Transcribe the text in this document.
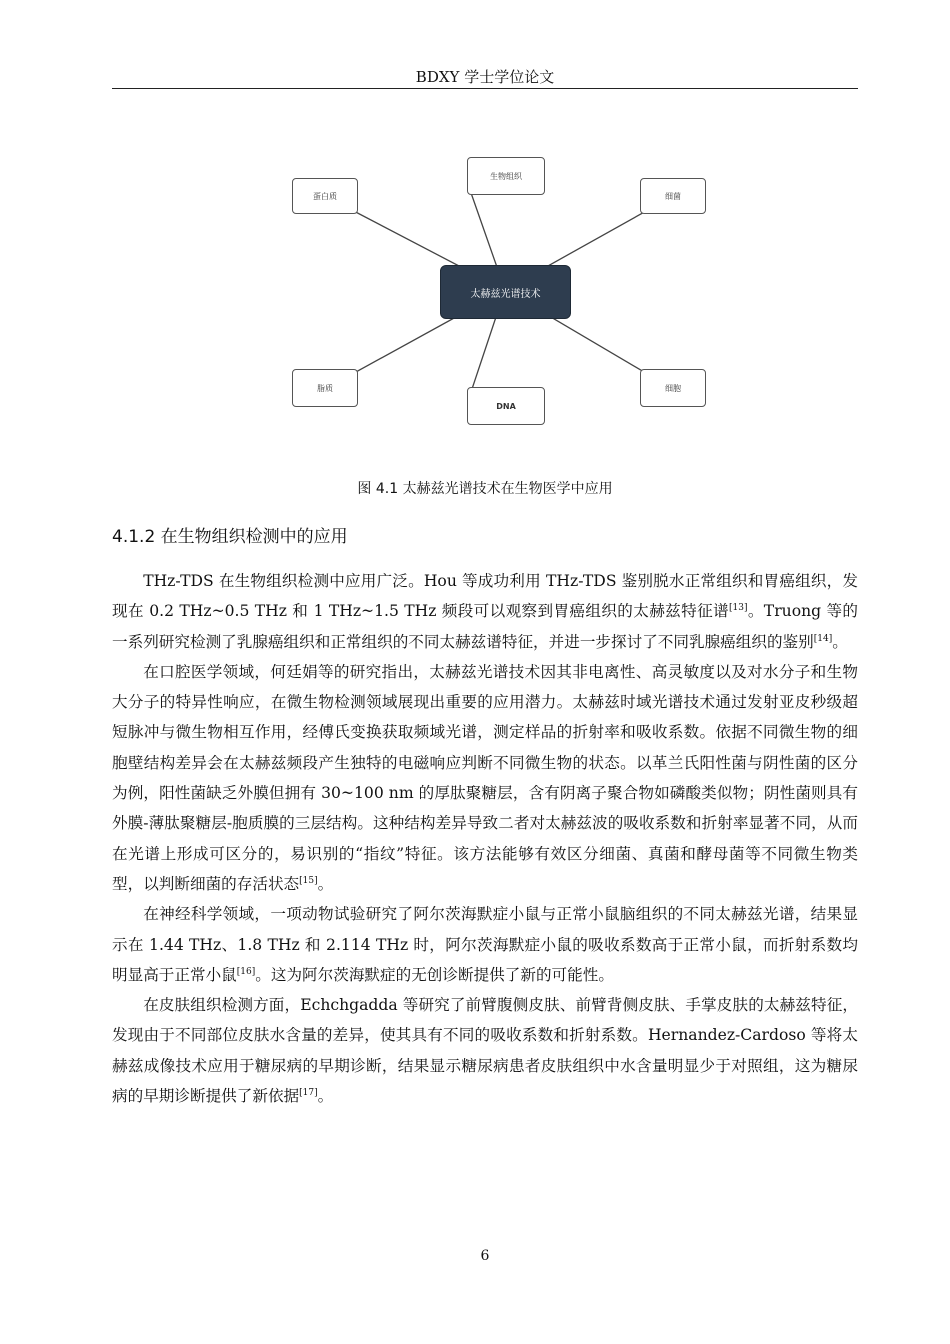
BDXY 学士学位论文
蛋白质
生物组织
细菌
太赫兹光谱技术
脂质
DNA
细胞
图 4.1 太赫兹光谱技术在生物医学中应用
4.1.2 在生物组织检测中的应用

THz-TDS 在生物组织检测中应用广泛。Hou 等成功利用 THz-TDS 鉴别脱水正常组织和胃癌组织，发现在 0.2 THz~0.5 THz 和 1 THz~1.5 THz 频段可以观察到胃癌组织的太赫兹特征谱[13]。Truong 等的一系列研究检测了乳腺癌组织和正常组织的不同太赫兹谱特征，并进一步探讨了不同乳腺癌组织的鉴别[14]。

在口腔医学领域，何廷娟等的研究指出，太赫兹光谱技术因其非电离性、高灵敏度以及对水分子和生物大分子的特异性响应，在微生物检测领域展现出重要的应用潜力。太赫兹时域光谱技术通过发射亚皮秒级超短脉冲与微生物相互作用，经傅氏变换获取频域光谱，测定样品的折射率和吸收系数。依据不同微生物的细胞壁结构差异会在太赫兹频段产生独特的电磁响应判断不同微生物的状态。以革兰氏阳性菌与阴性菌的区分为例，阳性菌缺乏外膜但拥有 30~100 nm 的厚肽聚糖层，含有阴离子聚合物如磷酸类似物；阴性菌则具有外膜-薄肽聚糖层-胞质膜的三层结构。这种结构差异导致二者对太赫兹波的吸收系数和折射率显著不同，从而在光谱上形成可区分的，易识别的“指纹”特征。该方法能够有效区分细菌、真菌和酵母菌等不同微生物类型，以判断细菌的存活状态[15]。

在神经科学领域，一项动物试验研究了阿尔茨海默症小鼠与正常小鼠脑组织的不同太赫兹光谱，结果显示在 1.44 THz、1.8 THz 和 2.114 THz 时，阿尔茨海默症小鼠的吸收系数高于正常小鼠，而折射系数均明显高于正常小鼠[16]。这为阿尔茨海默症的无创诊断提供了新的可能性。

在皮肤组织检测方面，Echchgadda 等研究了前臂腹侧皮肤、前臂背侧皮肤、手掌皮肤的太赫兹特征，发现由于不同部位皮肤水含量的差异，使其具有不同的吸收系数和折射系数。Hernandez-Cardoso 等将太赫兹成像技术应用于糖尿病的早期诊断，结果显示糖尿病患者皮肤组织中水含量明显少于对照组，这为糖尿病的早期诊断提供了新依据[17]。

6
